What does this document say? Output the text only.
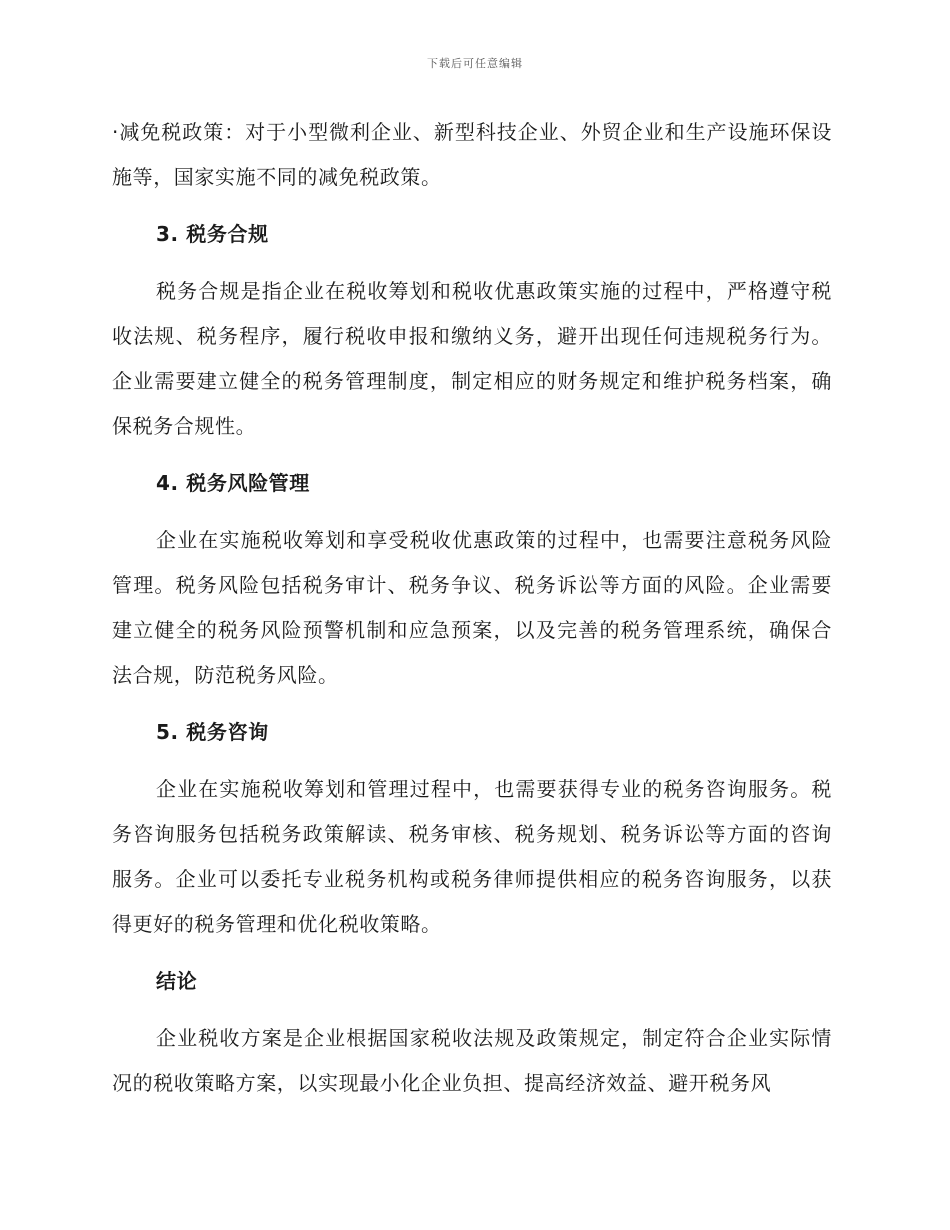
下载后可任意编辑

·减免税政策：对于小型微利企业、新型科技企业、外贸企业和生产设施环保设施等，国家实施不同的减免税政策。

3. 税务合规

税务合规是指企业在税收筹划和税收优惠政策实施的过程中，严格遵守税收法规、税务程序，履行税收申报和缴纳义务，避开出现任何违规税务行为。企业需要建立健全的税务管理制度，制定相应的财务规定和维护税务档案，确保税务合规性。

4. 税务风险管理

企业在实施税收筹划和享受税收优惠政策的过程中，也需要注意税务风险管理。税务风险包括税务审计、税务争议、税务诉讼等方面的风险。企业需要建立健全的税务风险预警机制和应急预案，以及完善的税务管理系统，确保合法合规，防范税务风险。

5. 税务咨询

企业在实施税收筹划和管理过程中，也需要获得专业的税务咨询服务。税务咨询服务包括税务政策解读、税务审核、税务规划、税务诉讼等方面的咨询服务。企业可以委托专业税务机构或税务律师提供相应的税务咨询服务，以获得更好的税务管理和优化税收策略。

结论

企业税收方案是企业根据国家税收法规及政策规定，制定符合企业实际情况的税收策略方案，以实现最小化企业负担、提高经济效益、避开税务风
